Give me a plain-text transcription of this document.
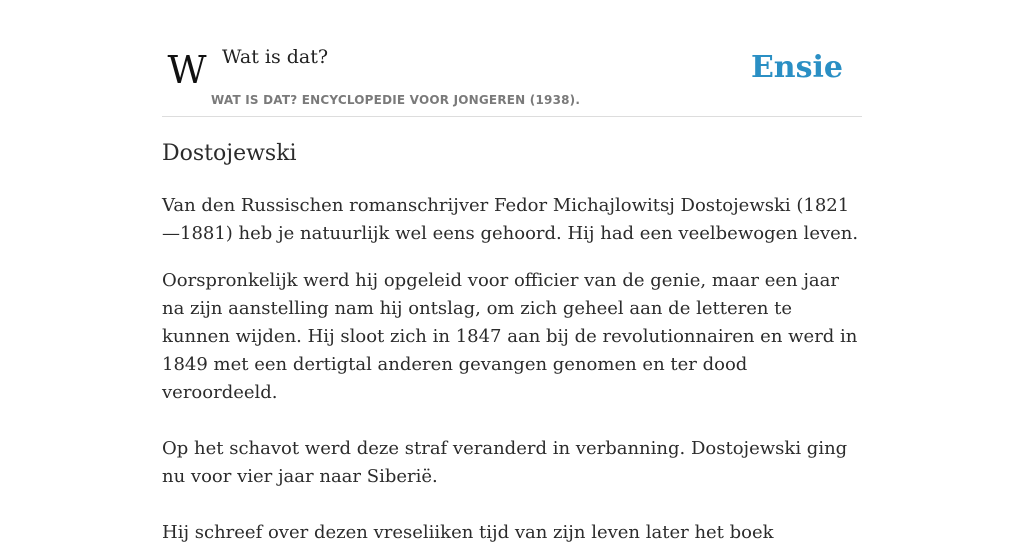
W Wat is dat?
WAT IS DAT? ENCYCLOPEDIE VOOR JONGEREN (1938).
Ensie
Dostojewski

Van den Russischen romanschrijver Fedor Michajlowitsj Dostojewski (1821—1881) heb je natuurlijk wel eens gehoord. Hij had een veelbewogen leven.

Oorspronkelijk werd hij opgeleid voor officier van de genie, maar een jaar na zijn aanstelling nam hij ontslag, om zich geheel aan de letteren te kunnen wijden. Hij sloot zich in 1847 aan bij de revolutionnairen en werd in 1849 met een dertigtal anderen gevangen genomen en ter dood veroordeeld.

Op het schavot werd deze straf veranderd in verbanning. Dostojewski ging nu voor vier jaar naar Siberië.

Hij schreef over dezen vreseliiken tijd van zijn leven later het boek
